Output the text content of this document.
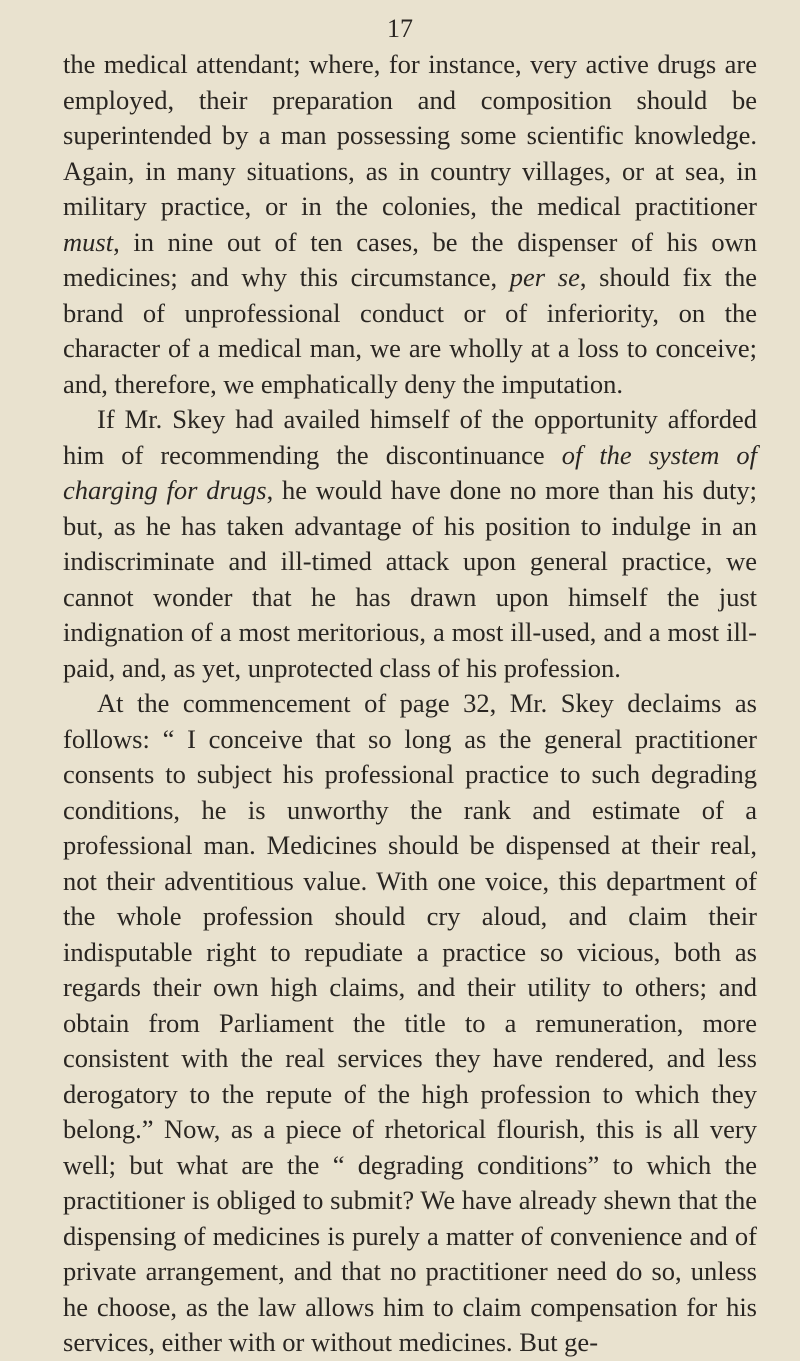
17

the medical attendant; where, for instance, very active drugs are employed, their preparation and composition should be superintended by a man possessing some scientific knowledge. Again, in many situations, as in country villages, or at sea, in military practice, or in the colonies, the medical practitioner must, in nine out of ten cases, be the dispenser of his own medicines; and why this circumstance, per se, should fix the brand of unprofessional conduct or of inferiority, on the character of a medical man, we are wholly at a loss to conceive; and, therefore, we emphatically deny the imputation.

If Mr. Skey had availed himself of the opportunity afforded him of recommending the discontinuance of the system of charging for drugs, he would have done no more than his duty; but, as he has taken advantage of his position to indulge in an indiscriminate and ill-timed attack upon general practice, we cannot wonder that he has drawn upon himself the just indignation of a most meritorious, a most ill-used, and a most ill-paid, and, as yet, unprotected class of his profession.

At the commencement of page 32, Mr. Skey declaims as follows: “ I conceive that so long as the general practitioner consents to subject his professional practice to such degrading conditions, he is unworthy the rank and estimate of a professional man. Medicines should be dispensed at their real, not their adventitious value. With one voice, this department of the whole profession should cry aloud, and claim their indisputable right to repudiate a practice so vicious, both as regards their own high claims, and their utility to others; and obtain from Parliament the title to a remuneration, more consistent with the real services they have rendered, and less derogatory to the repute of the high profession to which they belong.” Now, as a piece of rhetorical flourish, this is all very well; but what are the “ degrading conditions” to which the practitioner is obliged to submit? We have already shewn that the dispensing of medicines is purely a matter of convenience and of private arrangement, and that no practitioner need do so, unless he choose, as the law allows him to claim compensation for his services, either with or without medicines. But ge-
